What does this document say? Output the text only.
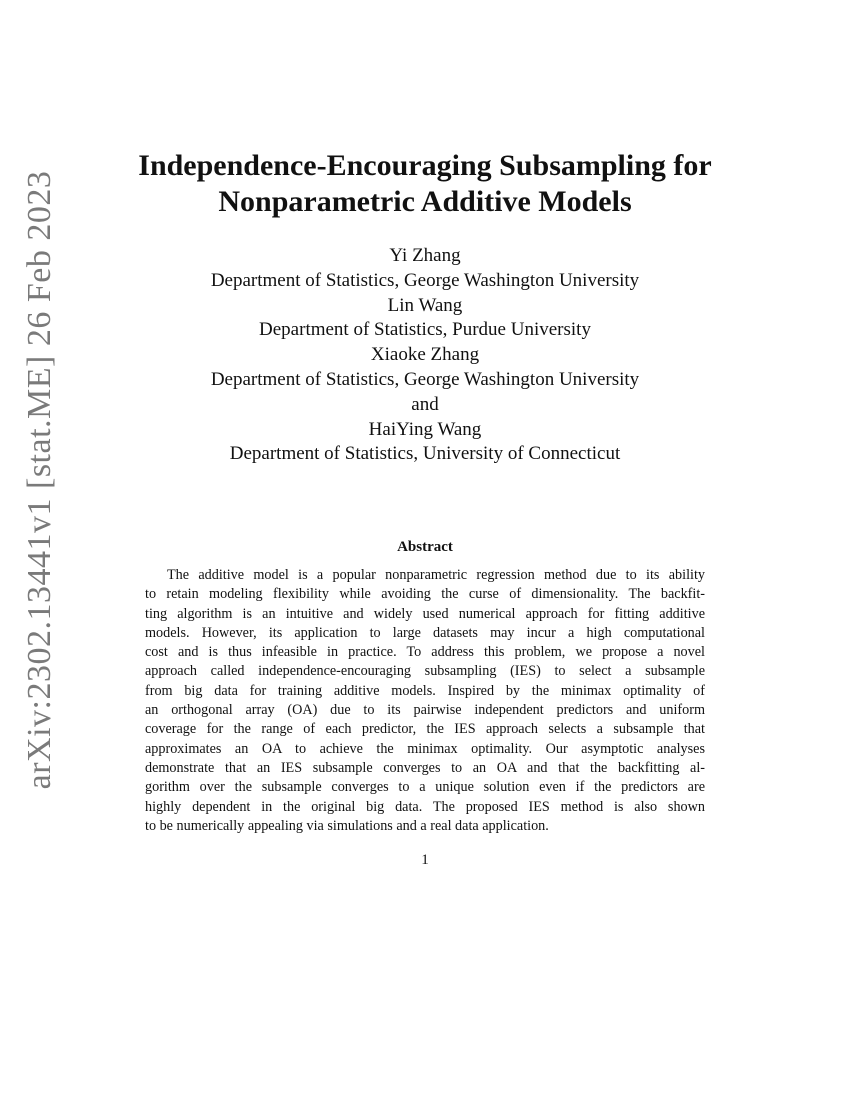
arXiv:2302.13441v1 [stat.ME] 26 Feb 2023
Independence-Encouraging Subsampling for
Nonparametric Additive Models
Yi Zhang
Department of Statistics, George Washington University
Lin Wang
Department of Statistics, Purdue University
Xiaoke Zhang
Department of Statistics, George Washington University
and
HaiYing Wang
Department of Statistics, University of Connecticut
Abstract
The additive model is a popular nonparametric regression method due to its ability
to retain modeling flexibility while avoiding the curse of dimensionality. The backfit-
ting algorithm is an intuitive and widely used numerical approach for fitting additive
models. However, its application to large datasets may incur a high computational
cost and is thus infeasible in practice. To address this problem, we propose a novel
approach called independence-encouraging subsampling (IES) to select a subsample
from big data for training additive models. Inspired by the minimax optimality of
an orthogonal array (OA) due to its pairwise independent predictors and uniform
coverage for the range of each predictor, the IES approach selects a subsample that
approximates an OA to achieve the minimax optimality. Our asymptotic analyses
demonstrate that an IES subsample converges to an OA and that the backfitting al-
gorithm over the subsample converges to a unique solution even if the predictors are
highly dependent in the original big data. The proposed IES method is also shown
to be numerically appealing via simulations and a real data application.
1
